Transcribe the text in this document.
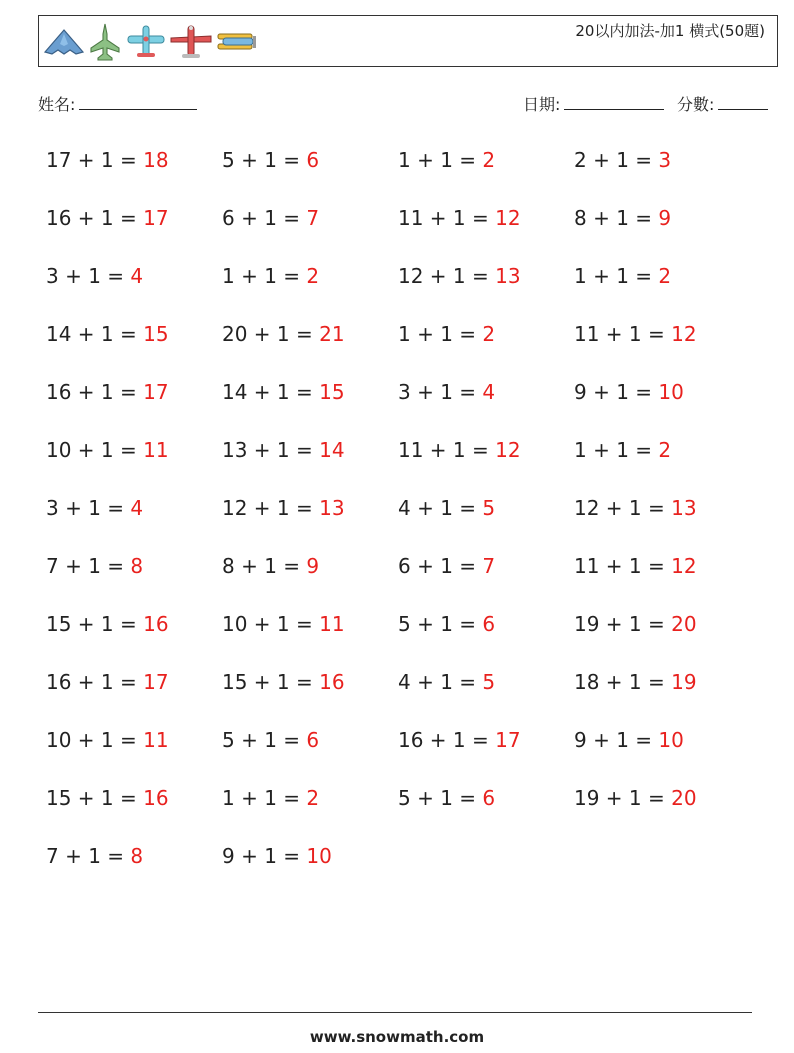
20以内加法-加1 横式(50題)
姓名:	日期:	分數:
17 + 1 = 18	5 + 1 = 6	1 + 1 = 2	2 + 1 = 3
16 + 1 = 17	6 + 1 = 7	11 + 1 = 12	8 + 1 = 9
3 + 1 = 4	1 + 1 = 2	12 + 1 = 13	1 + 1 = 2
14 + 1 = 15	20 + 1 = 21	1 + 1 = 2	11 + 1 = 12
16 + 1 = 17	14 + 1 = 15	3 + 1 = 4	9 + 1 = 10
10 + 1 = 11	13 + 1 = 14	11 + 1 = 12	1 + 1 = 2
3 + 1 = 4	12 + 1 = 13	4 + 1 = 5	12 + 1 = 13
7 + 1 = 8	8 + 1 = 9	6 + 1 = 7	11 + 1 = 12
15 + 1 = 16	10 + 1 = 11	5 + 1 = 6	19 + 1 = 20
16 + 1 = 17	15 + 1 = 16	4 + 1 = 5	18 + 1 = 19
10 + 1 = 11	5 + 1 = 6	16 + 1 = 17	9 + 1 = 10
15 + 1 = 16	1 + 1 = 2	5 + 1 = 6	19 + 1 = 20
7 + 1 = 8	9 + 1 = 10
www.snowmath.com
